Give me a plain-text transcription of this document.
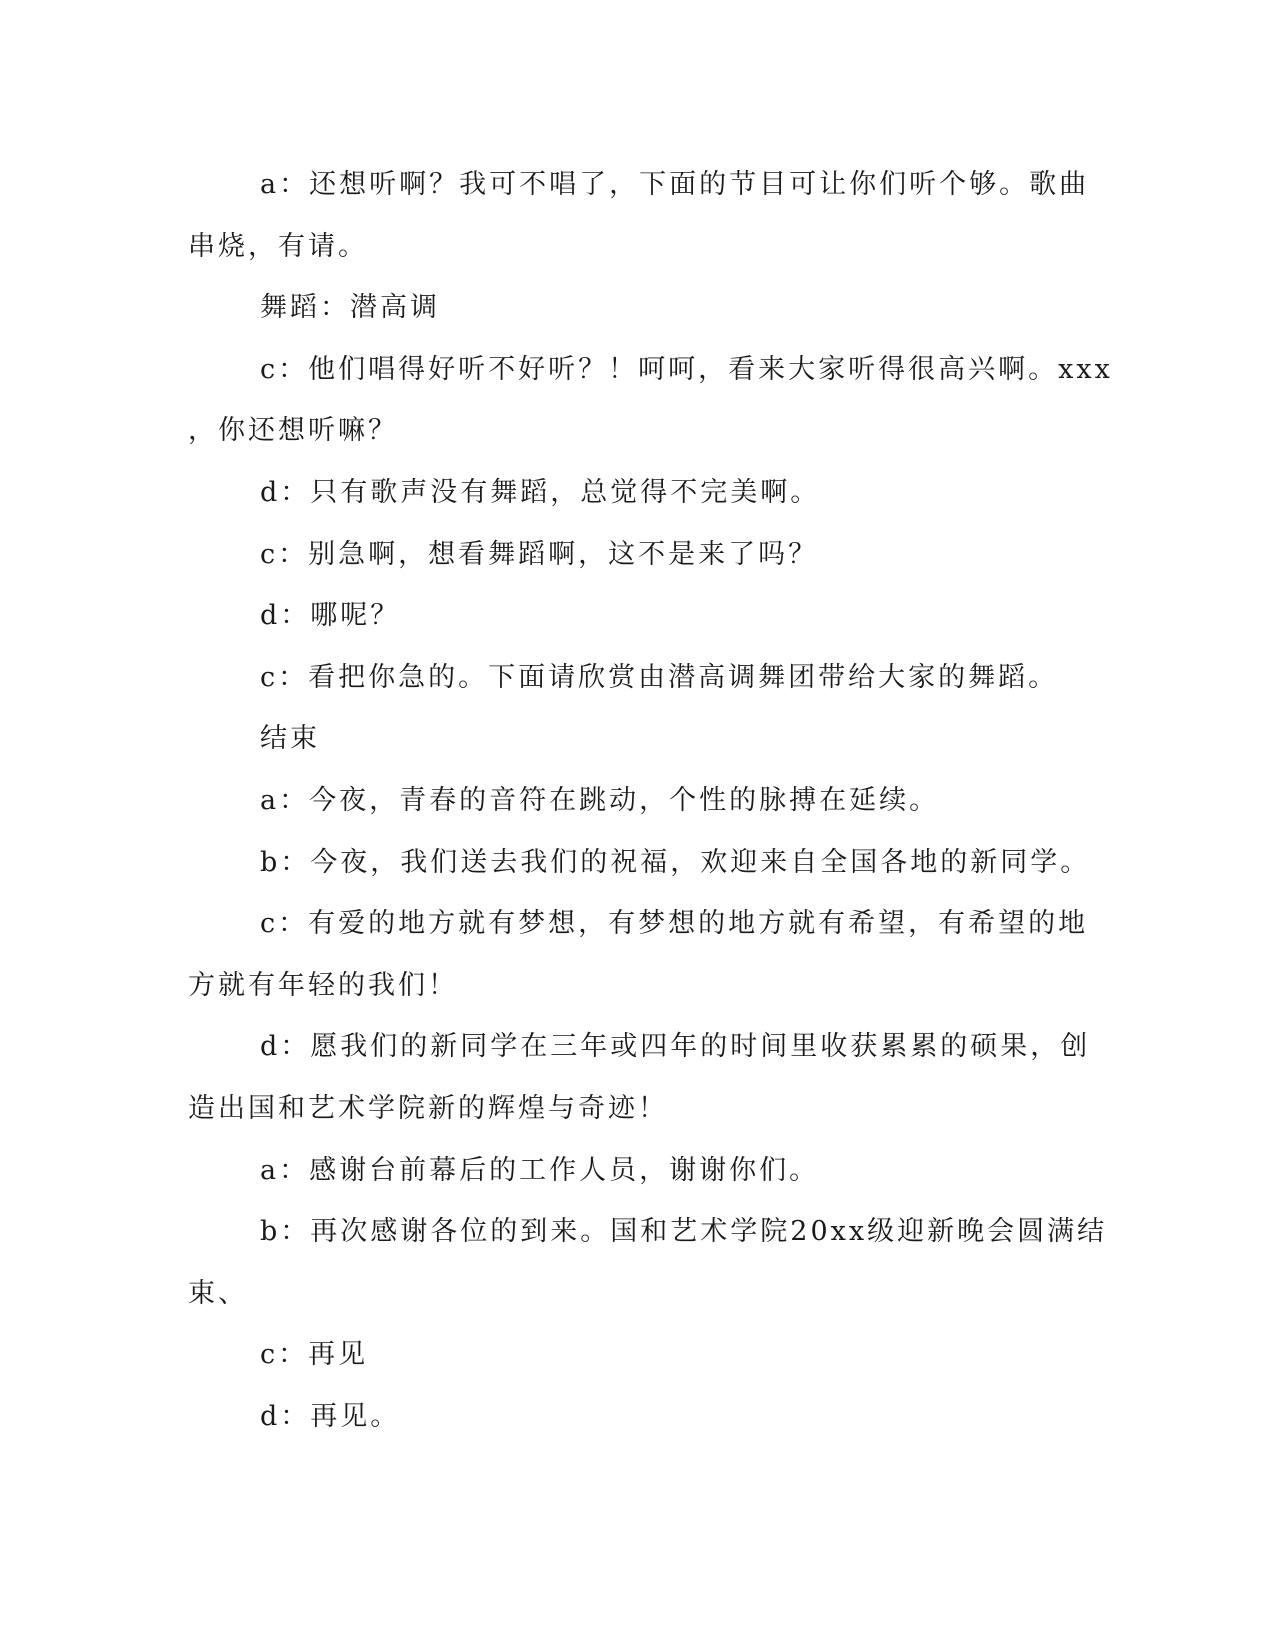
a：还想听啊？我可不唱了，下面的节目可让你们听个够。歌曲
串烧，有请。
舞蹈：潜高调
c：他们唱得好听不好听？！呵呵，看来大家听得很高兴啊。xxx
，你还想听嘛？
d：只有歌声没有舞蹈，总觉得不完美啊。
c：别急啊，想看舞蹈啊，这不是来了吗？
d：哪呢？
c：看把你急的。下面请欣赏由潜高调舞团带给大家的舞蹈。
结束
a：今夜，青春的音符在跳动，个性的脉搏在延续。
b：今夜，我们送去我们的祝福，欢迎来自全国各地的新同学。
c：有爱的地方就有梦想，有梦想的地方就有希望，有希望的地
方就有年轻的我们！
d：愿我们的新同学在三年或四年的时间里收获累累的硕果，创
造出国和艺术学院新的辉煌与奇迹！
a：感谢台前幕后的工作人员，谢谢你们。
b：再次感谢各位的到来。国和艺术学院20xx级迎新晚会圆满结
束、
c：再见
d：再见。
